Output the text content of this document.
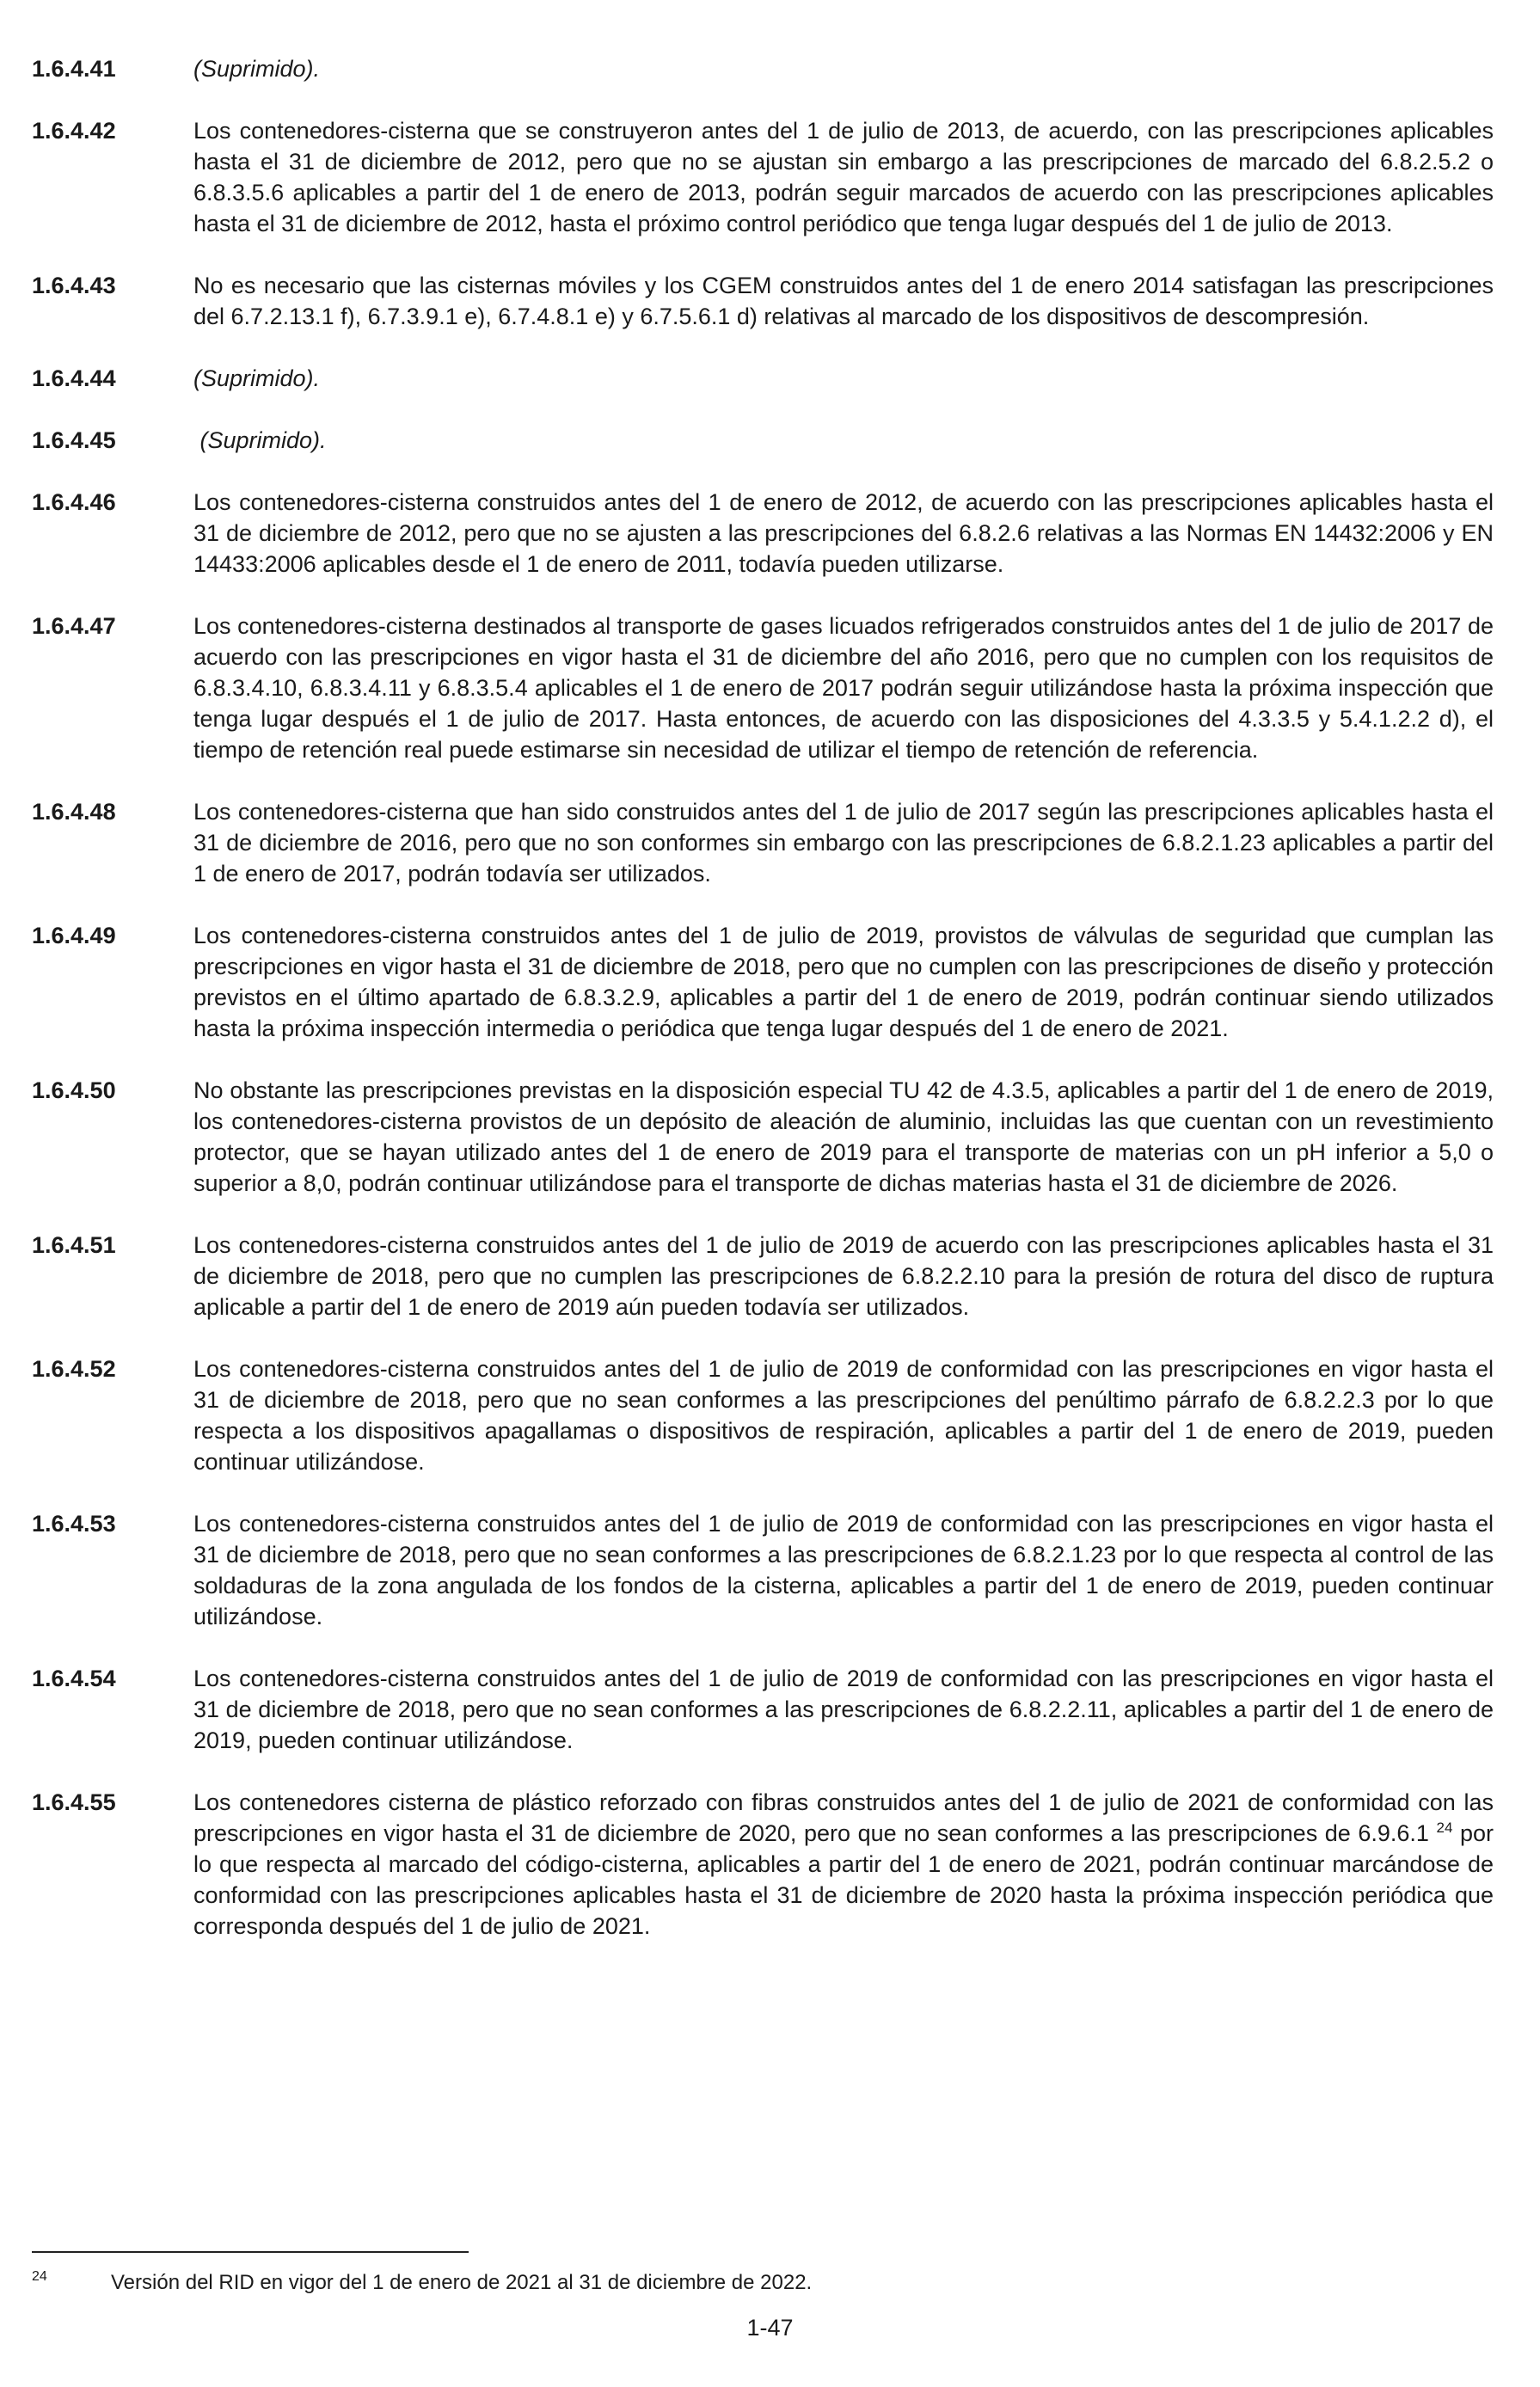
1.6.4.41	(Suprimido).
1.6.4.42	Los contenedores-cisterna que se construyeron antes del 1 de julio de 2013, de acuerdo, con las prescripciones aplicables hasta el 31 de diciembre de 2012, pero que no se ajustan sin embargo a las prescripciones de marcado del 6.8.2.5.2 o 6.8.3.5.6 aplicables a partir del 1 de enero de 2013, podrán seguir marcados de acuerdo con las prescripciones aplicables hasta el 31 de diciembre de 2012, hasta el próximo control periódico que tenga lugar después del 1 de julio de 2013.
1.6.4.43	No es necesario que las cisternas móviles y los CGEM construidos antes del 1 de enero 2014 satisfagan las prescripciones del 6.7.2.13.1 f), 6.7.3.9.1 e), 6.7.4.8.1 e) y 6.7.5.6.1 d) relativas al marcado de los dispositivos de descompresión.
1.6.4.44	(Suprimido).
1.6.4.45	(Suprimido).
1.6.4.46	Los contenedores-cisterna construidos antes del 1 de enero de 2012, de acuerdo con las prescripciones aplicables hasta el 31 de diciembre de 2012, pero que no se ajusten a las prescripciones del 6.8.2.6 relativas a las Normas EN 14432:2006 y EN 14433:2006 aplicables desde el 1 de enero de 2011, todavía pueden utilizarse.
1.6.4.47	Los contenedores-cisterna destinados al transporte de gases licuados refrigerados construidos antes del 1 de julio de 2017 de acuerdo con las prescripciones en vigor hasta el 31 de diciembre del año 2016, pero que no cumplen con los requisitos de 6.8.3.4.10, 6.8.3.4.11 y 6.8.3.5.4 aplicables el 1 de enero de 2017 podrán seguir utilizándose hasta la próxima inspección que tenga lugar después el 1 de julio de 2017. Hasta entonces, de acuerdo con las disposiciones del 4.3.3.5 y 5.4.1.2.2 d), el tiempo de retención real puede estimarse sin necesidad de utilizar el tiempo de retención de referencia.
1.6.4.48	Los contenedores-cisterna que han sido construidos antes del 1 de julio de 2017 según las prescripciones aplicables hasta el 31 de diciembre de 2016, pero que no son conformes sin embargo con las prescripciones de 6.8.2.1.23 aplicables a partir del 1 de enero de 2017, podrán todavía ser utilizados.
1.6.4.49	Los contenedores-cisterna construidos antes del 1 de julio de 2019, provistos de válvulas de seguridad que cumplan las prescripciones en vigor hasta el 31 de diciembre de 2018, pero que no cumplen con las prescripciones de diseño y protección previstos en el último apartado de 6.8.3.2.9, aplicables a partir del 1 de enero de 2019, podrán continuar siendo utilizados hasta la próxima inspección intermedia o periódica que tenga lugar después del 1 de enero de 2021.
1.6.4.50	No obstante las prescripciones previstas en la disposición especial TU 42 de 4.3.5, aplicables a partir del 1 de enero de 2019, los contenedores-cisterna provistos de un depósito de aleación de aluminio, incluidas las que cuentan con un revestimiento protector, que se hayan utilizado antes del 1 de enero de 2019 para el transporte de materias con un pH inferior a 5,0 o superior a 8,0, podrán continuar utilizándose para el transporte de dichas materias hasta el 31 de diciembre de 2026.
1.6.4.51	Los contenedores-cisterna construidos antes del 1 de julio de 2019 de acuerdo con las prescripciones aplicables hasta el 31 de diciembre de 2018, pero que no cumplen las prescripciones de 6.8.2.2.10 para la presión de rotura del disco de ruptura aplicable a partir del 1 de enero de 2019 aún pueden todavía ser utilizados.
1.6.4.52	Los contenedores-cisterna construidos antes del 1 de julio de 2019 de conformidad con las prescripciones en vigor hasta el 31 de diciembre de 2018, pero que no sean conformes a las prescripciones del penúltimo párrafo de 6.8.2.2.3 por lo que respecta a los dispositivos apagallamas o dispositivos de respiración, aplicables a partir del 1 de enero de 2019, pueden continuar utilizándose.
1.6.4.53	Los contenedores-cisterna construidos antes del 1 de julio de 2019 de conformidad con las prescripciones en vigor hasta el 31 de diciembre de 2018, pero que no sean conformes a las prescripciones de 6.8.2.1.23 por lo que respecta al control de las soldaduras de la zona angulada de los fondos de la cisterna, aplicables a partir del 1 de enero de 2019, pueden continuar utilizándose.
1.6.4.54	Los contenedores-cisterna construidos antes del 1 de julio de 2019 de conformidad con las prescripciones en vigor hasta el 31 de diciembre de 2018, pero que no sean conformes a las prescripciones de 6.8.2.2.11, aplicables a partir del 1 de enero de 2019, pueden continuar utilizándose.
1.6.4.55	Los contenedores cisterna de plástico reforzado con fibras construidos antes del 1 de julio de 2021 de conformidad con las prescripciones en vigor hasta el 31 de diciembre de 2020, pero que no sean conformes a las prescripciones de 6.9.6.1 $^{24}$ por lo que respecta al marcado del código-cisterna, aplicables a partir del 1 de enero de 2021, podrán continuar marcándose de conformidad con las prescripciones aplicables hasta el 31 de diciembre de 2020 hasta la próxima inspección periódica que corresponda después del 1 de julio de 2021.
24	Versión del RID en vigor del 1 de enero de 2021 al 31 de diciembre de 2022.
1-47
